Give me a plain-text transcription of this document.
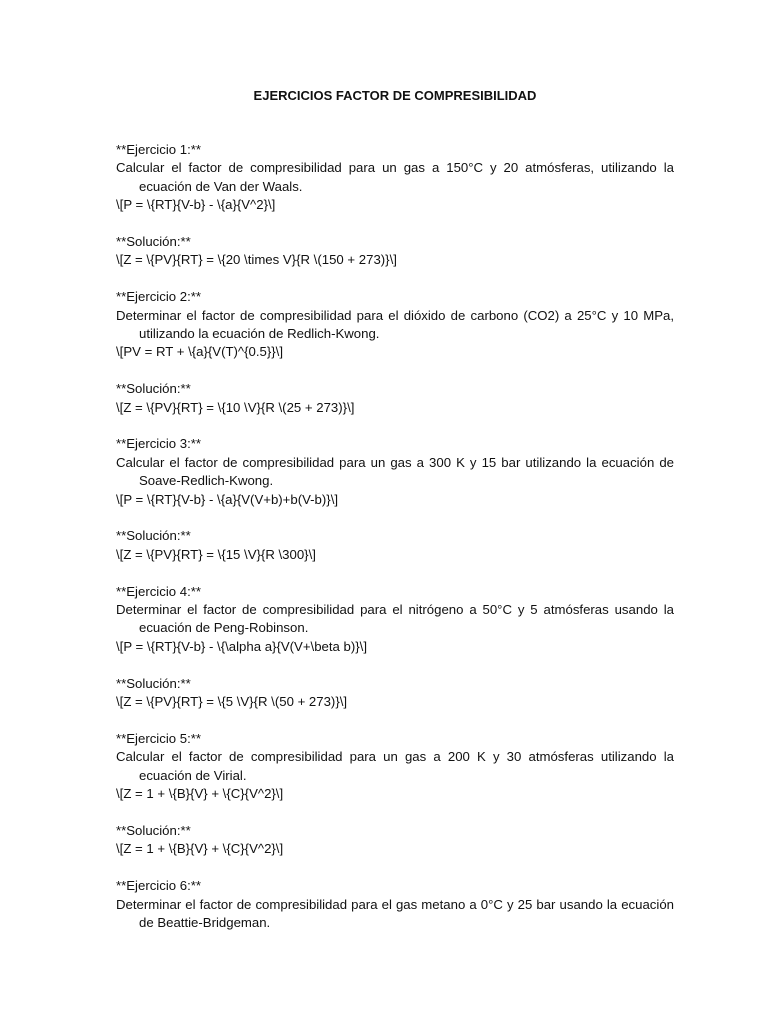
EJERCICIOS FACTOR DE COMPRESIBILIDAD
**Ejercicio 1:**
Calcular el factor de compresibilidad para un gas a 150°C y 20 atmósferas, utilizando la ecuación de Van der Waals.
\[P = \{RT}{V-b} - \{a}{V^2}\]
**Solución:**
\[Z = \{PV}{RT} = \{20 \times V}{R \(150 + 273)}\]
**Ejercicio 2:**
Determinar el factor de compresibilidad para el dióxido de carbono (CO2) a 25°C y 10 MPa, utilizando la ecuación de Redlich-Kwong.
\[PV = RT + \{a}{V(T)^{0.5}}\]
**Solución:**
\[Z = \{PV}{RT} = \{10 \V}{R \(25 + 273)}\]
**Ejercicio 3:**
Calcular el factor de compresibilidad para un gas a 300 K y 15 bar utilizando la ecuación de Soave-Redlich-Kwong.
\[P = \{RT}{V-b} - \{a}{V(V+b)+b(V-b)}\]
**Solución:**
\[Z = \{PV}{RT} = \{15 \V}{R \300}\]
**Ejercicio 4:**
Determinar el factor de compresibilidad para el nitrógeno a 50°C y 5 atmósferas usando la ecuación de Peng-Robinson.
\[P = \{RT}{V-b} - \{\alpha a}{V(V+\beta b)}\]
**Solución:**
\[Z = \{PV}{RT} = \{5 \V}{R \(50 + 273)}\]
**Ejercicio 5:**
Calcular el factor de compresibilidad para un gas a 200 K y 30 atmósferas utilizando la ecuación de Virial.
\[Z = 1 + \{B}{V} + \{C}{V^2}\]
**Solución:**
\[Z = 1 + \{B}{V} + \{C}{V^2}\]
**Ejercicio 6:**
Determinar el factor de compresibilidad para el gas metano a 0°C y 25 bar usando la ecuación de Beattie-Bridgeman.
